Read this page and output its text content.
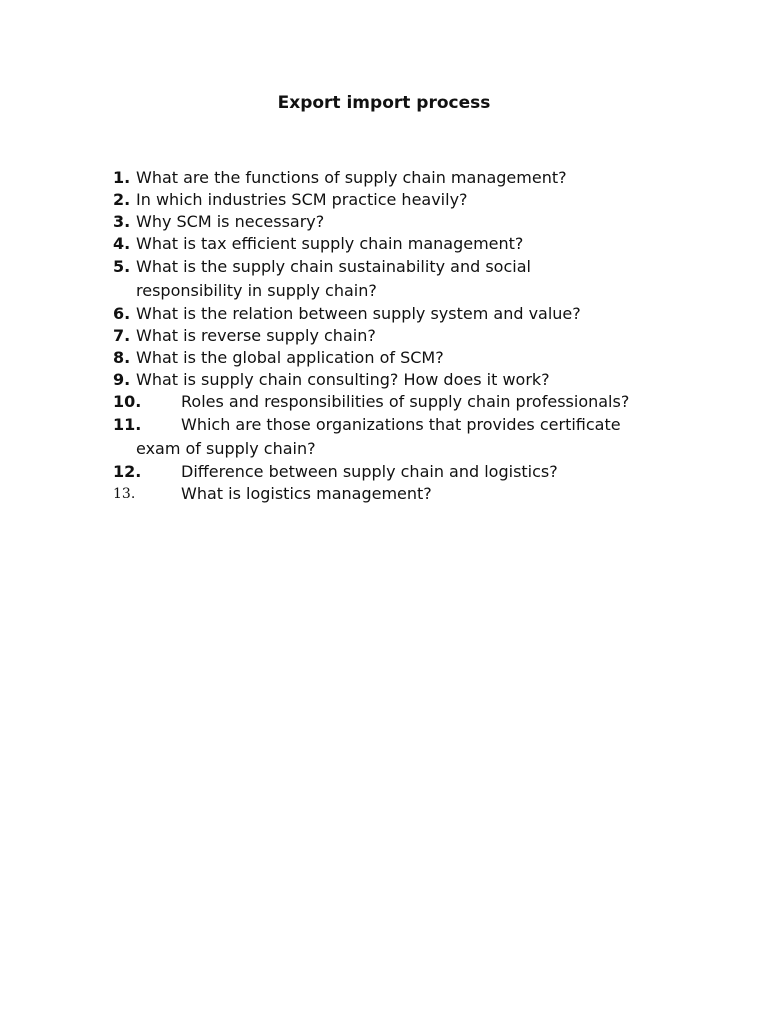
Export import process
1. What are the functions of supply chain management?
2. In which industries SCM practice heavily?
3. Why SCM is necessary?
4. What is tax efficient supply chain management?
5. What is the supply chain sustainability and social
responsibility in supply chain?
6. What is the relation between supply system and value?
7. What is reverse supply chain?
8. What is the global application of SCM?
9. What is supply chain consulting? How does it work?
10. Roles and responsibilities of supply chain professionals?
11. Which are those organizations that provides certificate
exam of supply chain?
12. Difference between supply chain and logistics?
13.	What is logistics management?
